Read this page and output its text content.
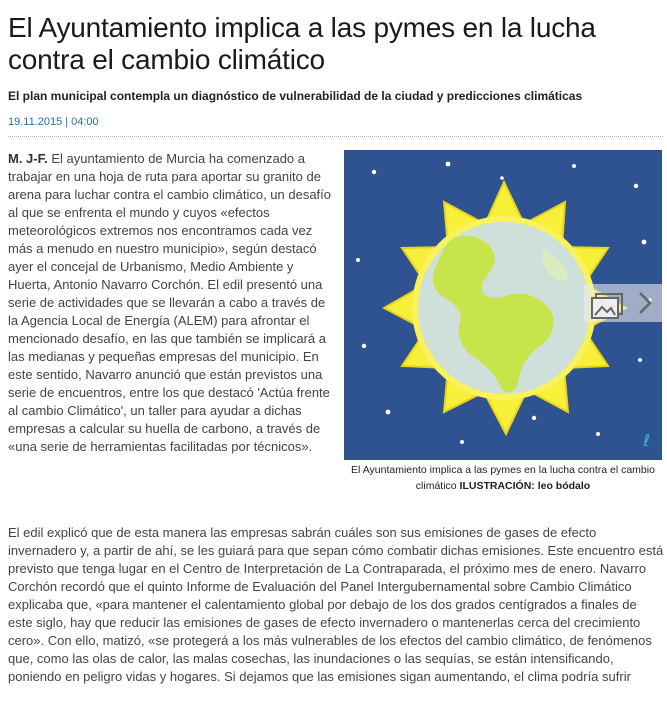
El Ayuntamiento implica a las pymes en la lucha contra el cambio climático

El plan municipal contempla un diagnóstico de vulnerabilidad de la ciudad y predicciones climáticas

19.11.2015 | 04:00

M. J-F. El ayuntamiento de Murcia ha comenzado a trabajar en una hoja de ruta para aportar su granito de arena para luchar contra el cambio climático, un desafío al que se enfrenta el mundo y cuyos «efectos meteorológicos extremos nos encontramos cada vez más a menudo en nuestro municipio», según destacó ayer el concejal de Urbanismo, Medio Ambiente y Huerta, Antonio Navarro Corchón. El edil presentó una serie de actividades que se llevarán a cabo a través de la Agencia Local de Energía (ALEM) para afrontar el mencionado desafío, en las que también se implicará a las medianas y pequeñas empresas del municipio. En este sentido, Navarro anunció que están previstos una serie de encuentros, entre los que destacó 'Actúa frente al cambio Climático', un taller para ayudar a dichas empresas a calcular su huella de carbono, a través de «una serie de herramientas facilitadas por técnicos».	ℓ

El Ayuntamiento implica a las pymes en la lucha contra el cambio climático ILUSTRACIÓN: leo bódalo

El edil explicó que de esta manera las empresas sabrán cuáles son sus emisiones de gases de efecto invernadero y, a partir de ahí, se les guiará para que sepan cómo combatir dichas emisiones. Este encuentro está previsto que tenga lugar en el Centro de Interpretación de La Contraparada, el próximo mes de enero. Navarro Corchón recordó que el quinto Informe de Evaluación del Panel Intergubernamental sobre Cambio Climático explicaba que, «para mantener el calentamiento global por debajo de los dos grados centígrados a finales de este siglo, hay que reducir las emisiones de gases de efecto invernadero o mantenerlas cerca del crecimiento cero». Con ello, matizó, «se protegerá a los más vulnerables de los efectos del cambio climático, de fenómenos que, como las olas de calor, las malas cosechas, las inundaciones o las sequías, se están intensificando, poniendo en peligro vidas y hogares. Si dejamos que las emisiones sigan aumentando, el clima podría sufrir
